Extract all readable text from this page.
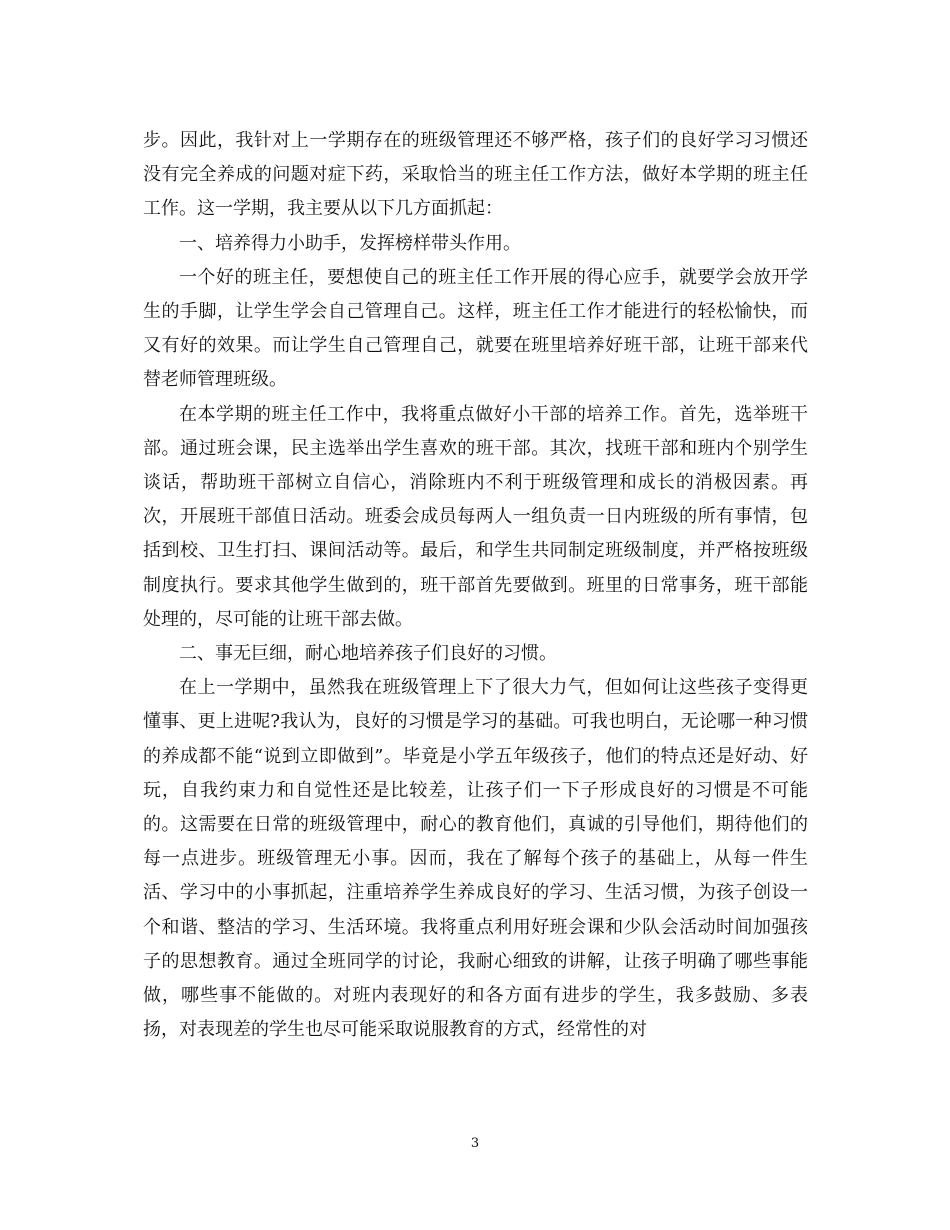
步。因此，我针对上一学期存在的班级管理还不够严格，孩子们的良好学习习惯还没有完全养成的问题对症下药，采取恰当的班主任工作方法，做好本学期的班主任工作。这一学期，我主要从以下几方面抓起：

一、培养得力小助手，发挥榜样带头作用。

一个好的班主任，要想使自己的班主任工作开展的得心应手，就要学会放开学生的手脚，让学生学会自己管理自己。这样，班主任工作才能进行的轻松愉快，而又有好的效果。而让学生自己管理自己，就要在班里培养好班干部，让班干部来代替老师管理班级。

在本学期的班主任工作中，我将重点做好小干部的培养工作。首先，选举班干部。通过班会课，民主选举出学生喜欢的班干部。其次，找班干部和班内个别学生谈话，帮助班干部树立自信心，消除班内不利于班级管理和成长的消极因素。再次，开展班干部值日活动。班委会成员每两人一组负责一日内班级的所有事情，包括到校、卫生打扫、课间活动等。最后，和学生共同制定班级制度，并严格按班级制度执行。要求其他学生做到的，班干部首先要做到。班里的日常事务，班干部能处理的，尽可能的让班干部去做。

二、事无巨细，耐心地培养孩子们良好的习惯。

在上一学期中，虽然我在班级管理上下了很大力气，但如何让这些孩子变得更懂事、更上进呢?我认为，良好的习惯是学习的基础。可我也明白，无论哪一种习惯的养成都不能“说到立即做到”。毕竟是小学五年级孩子，他们的特点还是好动、好玩，自我约束力和自觉性还是比较差，让孩子们一下子形成良好的习惯是不可能的。这需要在日常的班级管理中，耐心的教育他们，真诚的引导他们，期待他们的每一点进步。班级管理无小事。因而，我在了解每个孩子的基础上，从每一件生活、学习中的小事抓起，注重培养学生养成良好的学习、生活习惯，为孩子创设一个和谐、整洁的学习、生活环境。我将重点利用好班会课和少队会活动时间加强孩子的思想教育。通过全班同学的讨论，我耐心细致的讲解，让孩子明确了哪些事能做，哪些事不能做的。对班内表现好的和各方面有进步的学生，我多鼓励、多表扬，对表现差的学生也尽可能采取说服教育的方式，经常性的对

3
